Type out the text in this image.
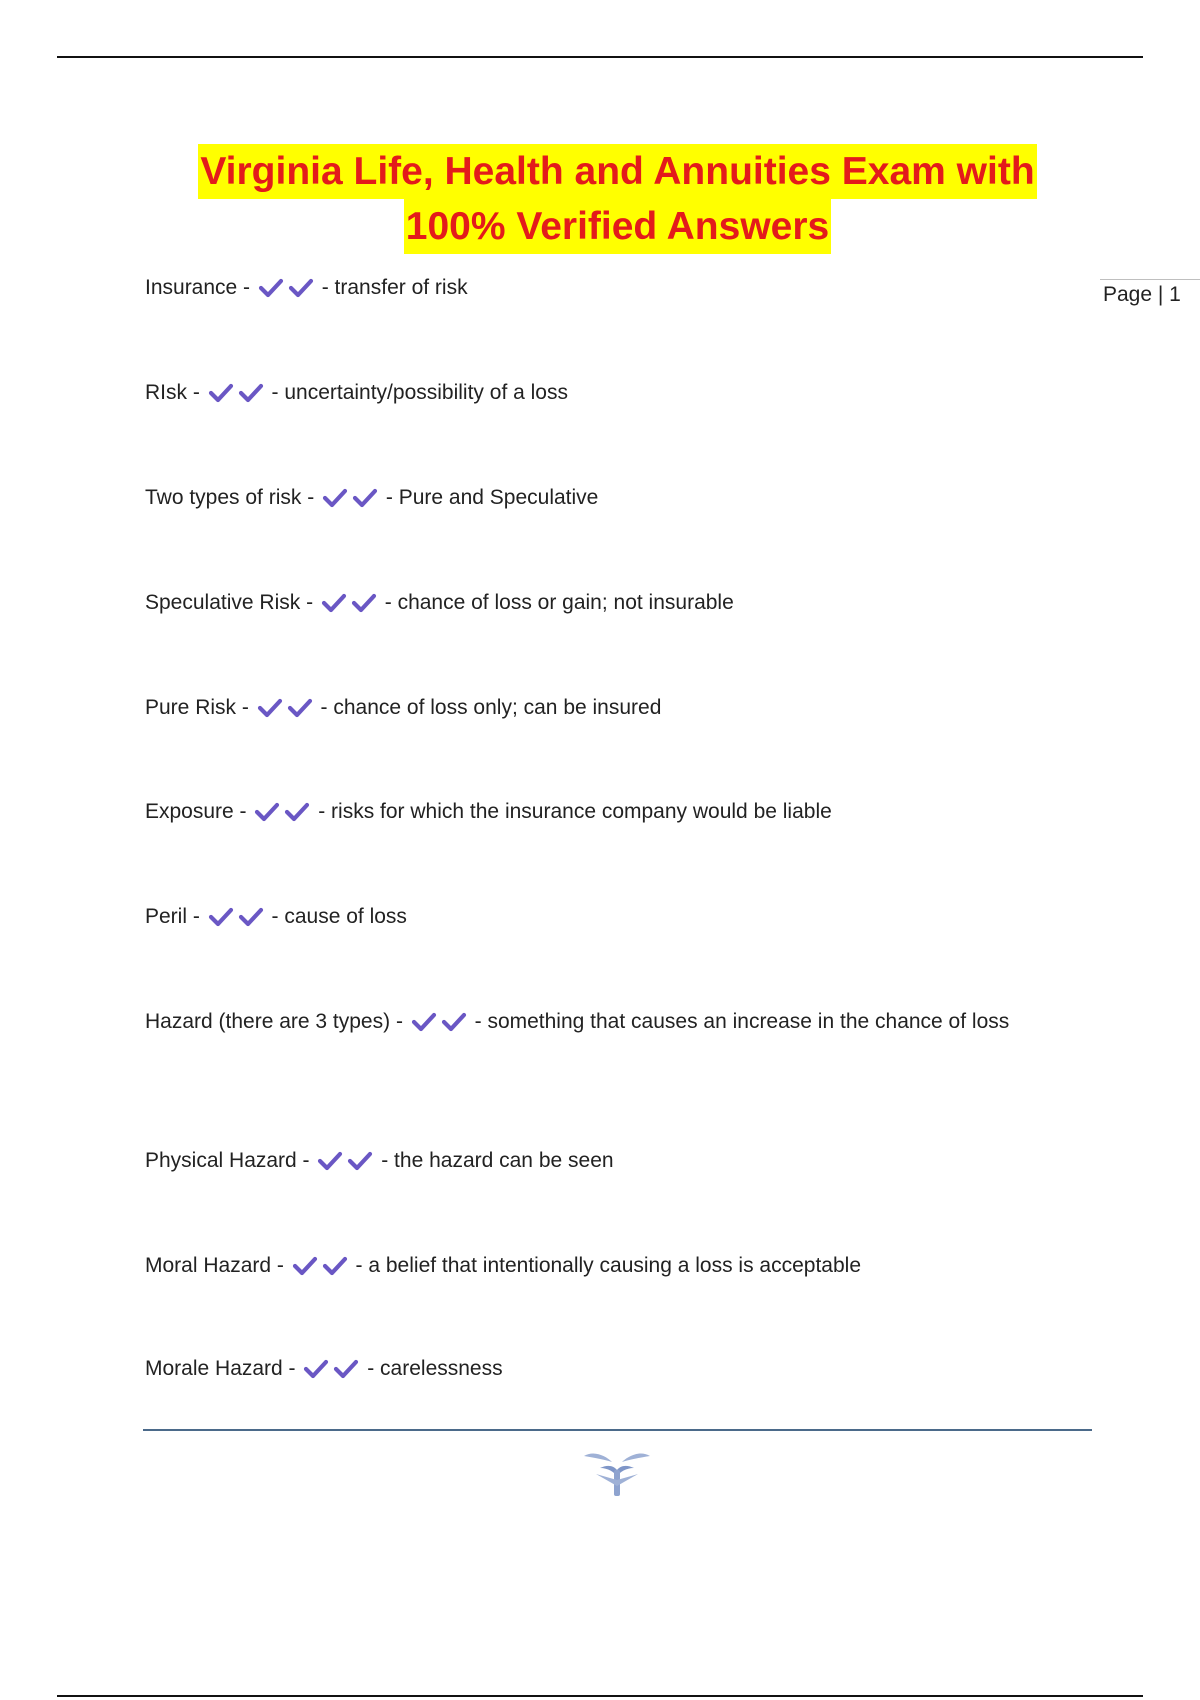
Virginia Life, Health and Annuities Exam with
100% Verified Answers
Page | 1
Insurance -	- transfer of risk
RIsk -	- uncertainty/possibility of a loss
Two types of risk -	- Pure and Speculative
Speculative Risk -	- chance of loss or gain; not insurable
Pure Risk -	- chance of loss only; can be insured
Exposure -	- risks for which the insurance company would be liable
Peril -	- cause of loss
Hazard (there are 3 types) -	- something that causes an increase in the chance of loss
Physical Hazard -	- the hazard can be seen
Moral Hazard -	- a belief that intentionally causing a loss is acceptable
Morale Hazard -	- carelessness
